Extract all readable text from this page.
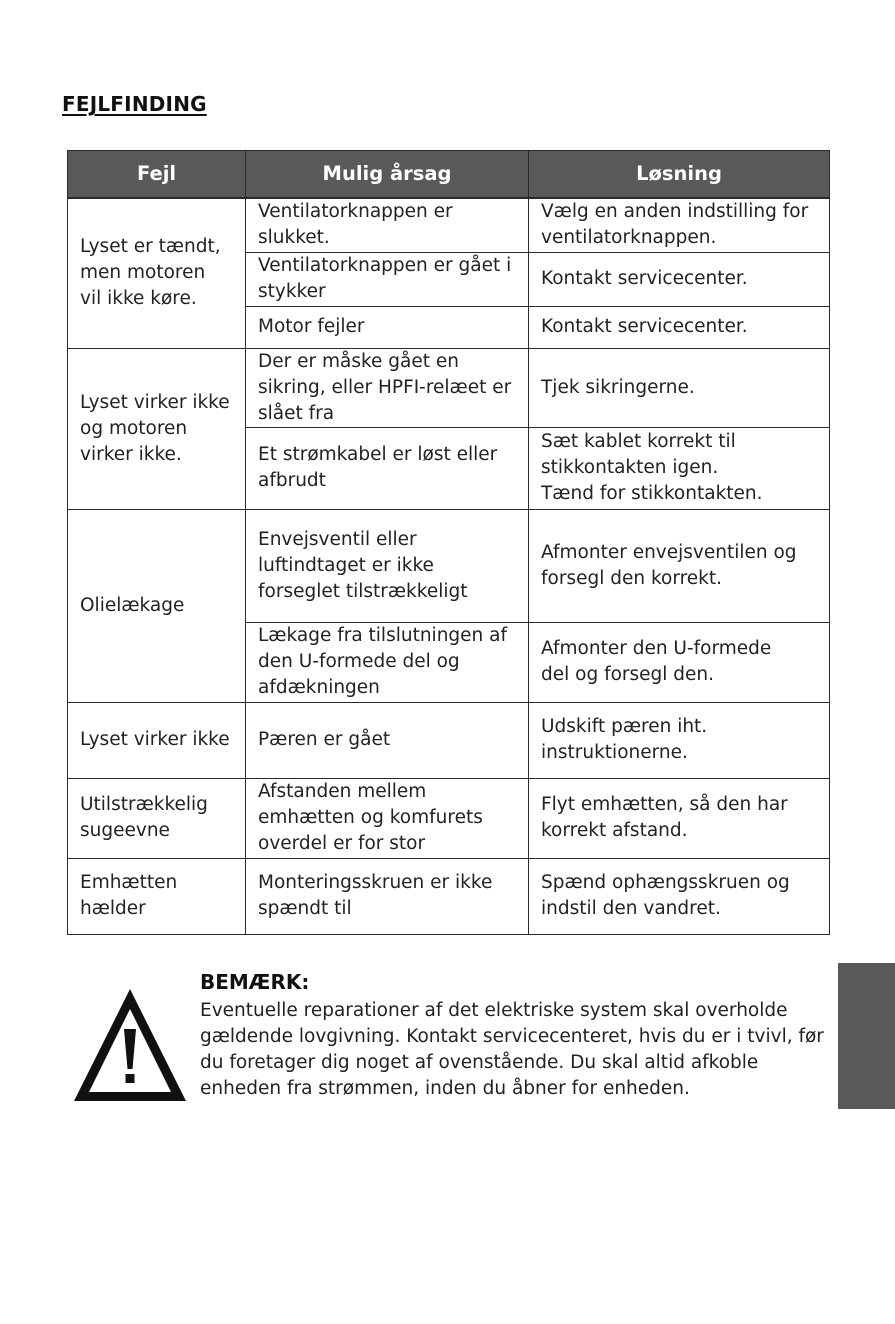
FEJLFINDING
Fejl	Mulig årsag	Løsning
Lyset er tændt,
men motoren
vil ikke køre.	Ventilatorknappen er
slukket.	Vælg en anden indstilling for
ventilatorknappen.
	Ventilatorknappen er gået i
stykker	Kontakt servicecenter.
	Motor fejler	Kontakt servicecenter.
Lyset virker ikke
og motoren
virker ikke.	Der er måske gået en
sikring, eller HPFI-relæet er
slået fra	Tjek sikringerne.
	Et strømkabel er løst eller
afbrudt	Sæt kablet korrekt til
stikkontakten igen.
Tænd for stikkontakten.
Olielækage	Envejsventil eller
luftindtaget er ikke
forseglet tilstrækkeligt	Afmonter envejsventilen og
forsegl den korrekt.
	Lækage fra tilslutningen af
den U-formede del og
afdækningen	Afmonter den U-formede
del og forsegl den.
Lyset virker ikke	Pæren er gået	Udskift pæren iht.
instruktionerne.
Utilstrækkelig
sugeevne	Afstanden mellem
emhætten og komfurets
overdel er for stor	Flyt emhætten, så den har
korrekt afstand.
Emhætten
hælder	Monteringsskruen er ikke
spændt til	Spænd ophængsskruen og
indstil den vandret.
BEMÆRK:
Eventuelle reparationer af det elektriske system skal overholde
gældende lovgivning. Kontakt servicecenteret, hvis du er i tvivl, før
du foretager dig noget af ovenstående. Du skal altid afkoble
enheden fra strømmen, inden du åbner for enheden.
